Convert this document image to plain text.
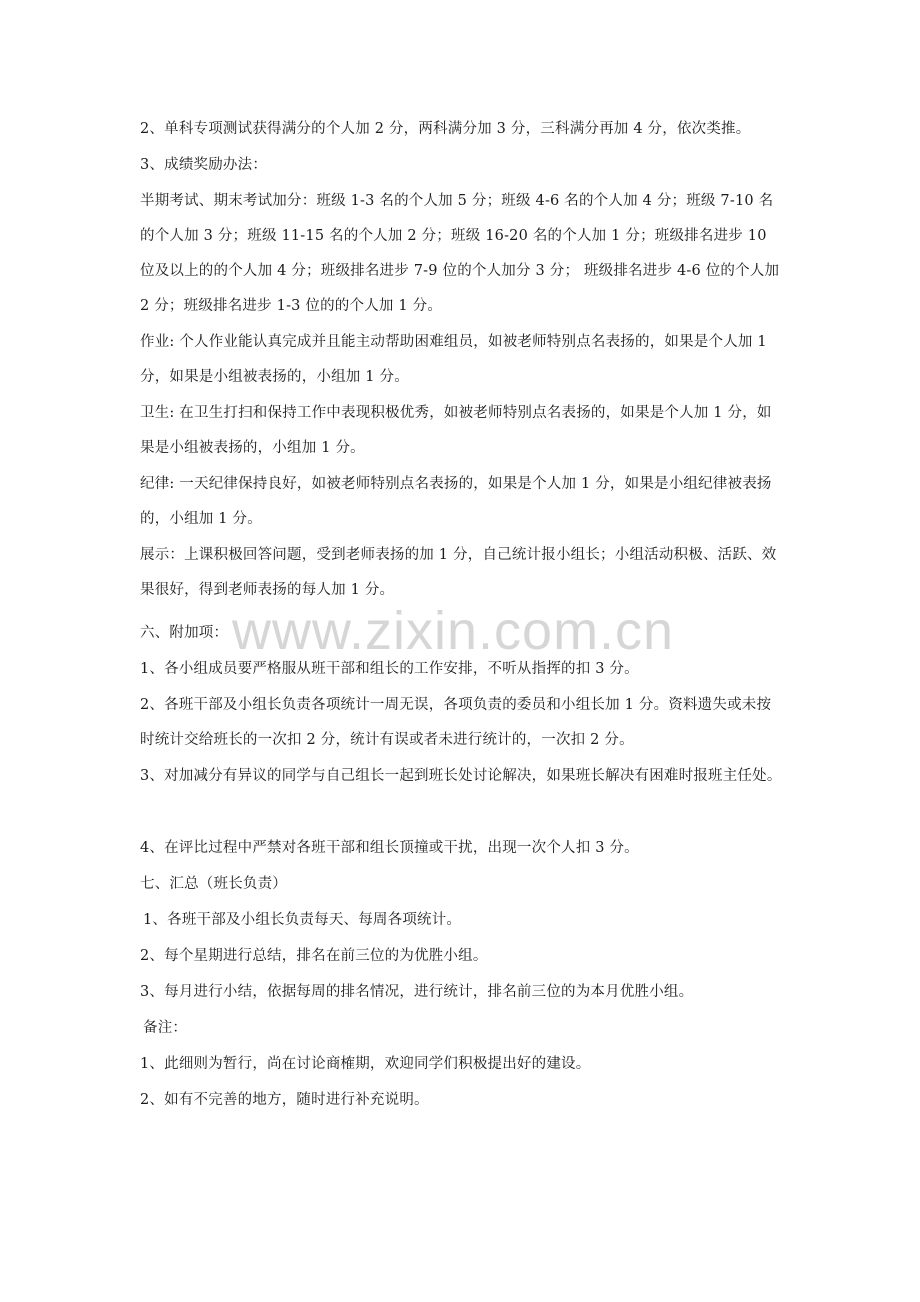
2、单科专项测试获得满分的个人加 2 分，两科满分加 3 分，三科满分再加 4 分，依次类推。

3、成绩奖励办法：

半期考试、期末考试加分：班级 1-3 名的个人加 5 分；班级 4-6 名的个人加 4 分；班级 7-10 名的个人加 3 分；班级 11-15 名的个人加 2 分；班级 16-20 名的个人加 1 分；班级排名进步 10 位及以上的的个人加 4 分；班级排名进步 7-9 位的个人加分 3 分； 班级排名进步 4-6 位的个人加 2 分；班级排名进步 1-3 位的的个人加 1 分。

作业: 个人作业能认真完成并且能主动帮助困难组员，如被老师特别点名表扬的，如果是个人加 1 分，如果是小组被表扬的，小组加 1 分。

卫生: 在卫生打扫和保持工作中表现积极优秀，如被老师特别点名表扬的，如果是个人加 1 分，如果是小组被表扬的，小组加 1 分。

纪律: 一天纪律保持良好，如被老师特别点名表扬的，如果是个人加 1 分，如果是小组纪律被表扬的，小组加 1 分。

展示：上课积极回答问题，受到老师表扬的加 1 分，自己统计报小组长；小组活动积极、活跃、效果很好，得到老师表扬的每人加 1 分。

六、附加项：

1、各小组成员要严格服从班干部和组长的工作安排，不听从指挥的扣 3 分。

2、各班干部及小组长负责各项统计一周无误，各项负责的委员和小组长加 1 分。资料遗失或未按时统计交给班长的一次扣 2 分，统计有误或者未进行统计的，一次扣 2 分。

3、对加减分有异议的同学与自己组长一起到班长处讨论解决，如果班长解决有困难时报班主任处。

4、在评比过程中严禁对各班干部和组长顶撞或干扰，出现一次个人扣 3 分。

七、汇总（班长负责）

1、各班干部及小组长负责每天、每周各项统计。

2、每个星期进行总结，排名在前三位的为优胜小组。

3、每月进行小结，依据每周的排名情况，进行统计，排名前三位的为本月优胜小组。

备注：

1、此细则为暂行，尚在讨论商榷期，欢迎同学们积极提出好的建设。

2、如有不完善的地方，随时进行补充说明。

www.zixin.com.cn
